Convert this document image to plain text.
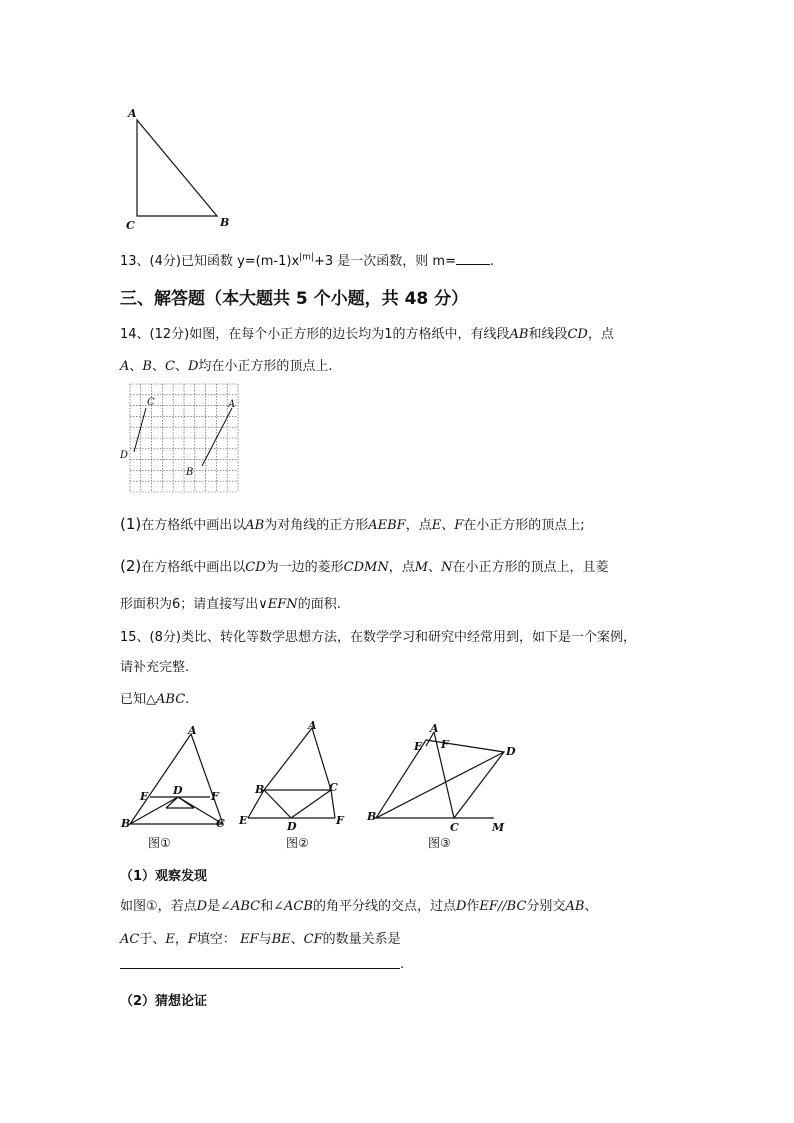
A
C	B
13、(4分)已知函数 $y=(m-1)x^{|m|}+3$ 是一次函数，则 m=	.
三、解答题（本大题共 5 个小题，共 48 分）
14、(12分)如图，在每个小正方形的边长均为1的方格纸中，有线段AB和线段CD，点
A、B、C、D均在小正方形的顶点上.
C
D
A
B
(1)在方格纸中画出以AB为对角线的正方形AEBF，点E、F在小正方形的顶点上;
(2)在方格纸中画出以CD为一边的菱形CDMN，点M、N在小正方形的顶点上，且菱
形面积为6；请直接写出∨EFN的面积.
15、(8分)类比、转化等数学思想方法，在数学学习和研究中经常用到，如下是一个案例，
请补充完整.
已知△ABC.
A
E D	F
B	C
图①
A
B	C
E	F
D
图②
A
E F
D
B
C	M
图③
（1）观察发现
如图①，若点D是∠ABC和∠ACB的角平分线的交点，过点D作EF//BC分别交AB、
AC于、E，F填空： EF与BE、CF的数量关系是
.
（2）猜想论证
